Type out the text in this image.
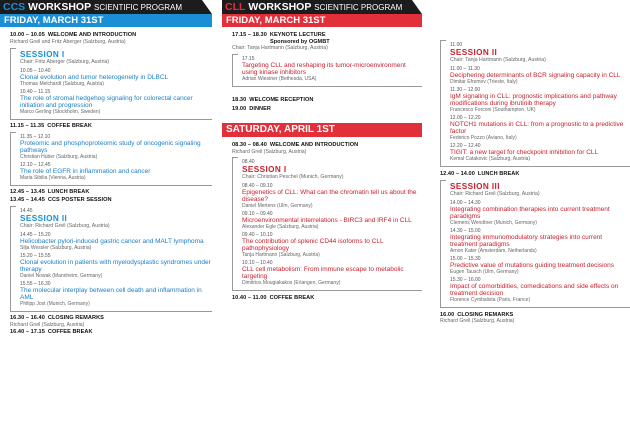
CCS WORKSHOP SCIENTIFIC PROGRAM
FRIDAY, MARCH 31ST
10.00 – 10.05 WELCOME AND INTRODUCTION
Richard Greil and Fritz Aberger (Salzburg, Austria)
SESSION I
Chair: Fritz Aberger (Salzburg, Austria)
10.05 – 10.40
Clonal evolution and tumor heterogeneity in DLBCL
Thomas Melchardt (Salzburg, Austria)
10.40 – 11.15
The role of stromal hedgehog signaling for colorectal cancer initiation and progression
Marco Gerling (Stockholm, Sweden)
11.15 – 11.35 COFFEE BREAK
11.35 – 12.10
Proteomic and phosphoproteomic study of oncogenic signaling pathways
Christian Huber (Salzburg, Austria)
12.10 – 12.45
The role of EGFR in inflammation and cancer
Maria Sibilia (Vienna, Austria)
12.45 – 13.45 LUNCH BREAK
13.45 – 14.45 CCS POSTER SESSION
14.45
SESSION II
Chair: Richard Greil (Salzburg, Austria)
14.45 – 15.20
Helicobacter pylori-induced gastric cancer and MALT lymphoma
Silja Wessler (Salzburg, Austria)
15.20 – 15.55
Clonal evolution in patients with myelodysplastic syndromes under therapy
Daniel Nowak (Mannheim, Germany)
15.55 – 16.30
The molecular interplay between cell death and inflammation in AML
Philipp Jost (Munich, Germany)
16.30 – 16.40 CLOSING REMARKS
Richard Greil (Salzburg, Austria)
16.40 – 17.15 COFFEE BREAK
CLL WORKSHOP SCIENTIFIC PROGRAM
FRIDAY, MARCH 31ST
17.15 – 18.30 KEYNOTE LECTURE
Sponsored by OGMBT
Chair: Tanja Hartmann (Salzburg, Austria)
17.15
Targeting CLL and reshaping its tumor-microenvironment using kinase inhibitors
Adrian Wiestner (Bethesda, USA)
18.30 WELCOME RECEPTION
19.00 DINNER
SATURDAY, APRIL 1ST
08.30 – 08.40 WELCOME AND INTRODUCTION
Richard Greil (Salzburg, Austria)
08.40
SESSION I
Chair: Christian Peschel (Munich, Germany)
08.40 – 09.10
Epigenetics of CLL: What can the chromatin tell us about the disease?
Daniel Mertens (Ulm, Germany)
09.10 – 09.40
Microenvironmental interrelations - BIRC3 and IRF4 in CLL
Alexander Egle (Salzburg, Austria)
09.40 – 10.10
The contribution of splenic CD44 isoforms to CLL pathophysiology
Tanja Hartmann (Salzburg, Austria)
10.10 – 10.40
CLL cell metabolism: From immune escape to metabolic targeting
Dimitrios Mougiakakos (Erlangen, Germany)
10.40 – 11.00 COFFEE BREAK
11.00
SESSION II
Chair: Tanja Hartmann (Salzburg, Austria)
11.00 – 11.30
Deciphering determinants of BCR signaling capacity in CLL
Dimitar Efremov (Trieste, Italy)
11.30 – 12.00
IgM signaling in CLL: prognostic implications and pathway modifications during ibrutinib therapy
Francesco Forconi (Southampton, UK)
12.00 – 12.20
NOTCH1 mutations in CLL: from a prognostic to a predictive factor
Federico Pozzo (Aviano, Italy)
12.20 – 12.40
TIGIT: a new target for checkpoint inhibition for CLL
Kemal Catakovic (Salzburg, Austria)
12.40 – 14.00 LUNCH BREAK
SESSION III
Chair: Richard Greil (Salzburg, Austria)
14.00 – 14.30
Integrating combination therapies into current treatment paradigms
Clemens Wendtner (Munich, Germany)
14.30 – 15.00
Integrating immunomodulatory strategies into current treatment paradigms
Arnon Kater (Amsterdam, Netherlands)
15.00 – 15.30
Predictive value of mutations guiding treatment decisions
Eugen Tausch (Ulm, Germany)
15.30 – 16.00
Impact of comorbidities, comedications and side effects on treatment decision
Florence Cymbalista (Paris, France)
16.00 CLOSING REMARKS
Richard Greil (Salzburg, Austria)
